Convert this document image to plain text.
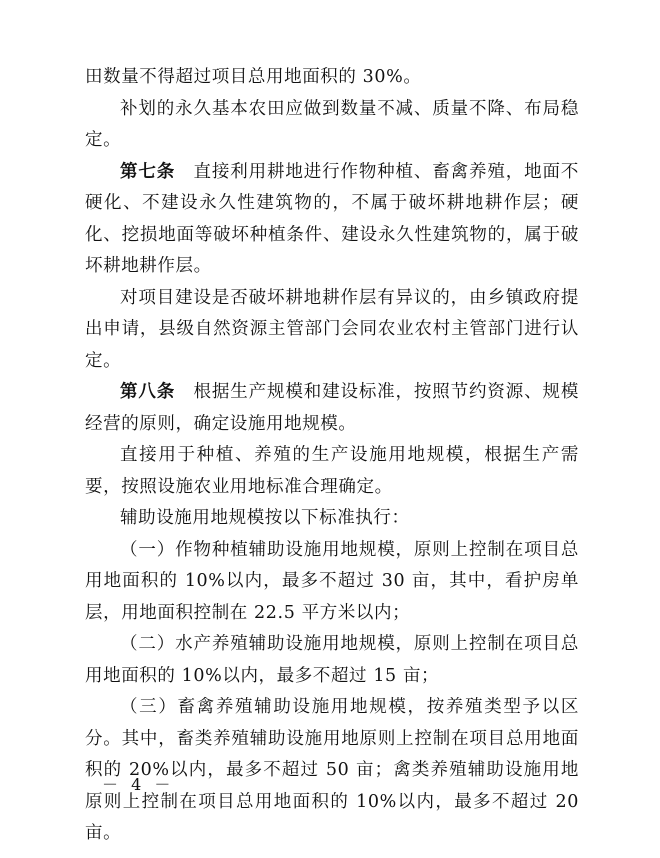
田数量不得超过项目总用地面积的 30%。

补划的永久基本农田应做到数量不减、质量不降、布局稳定。

第七条  直接利用耕地进行作物种植、畜禽养殖，地面不硬化、不建设永久性建筑物的，不属于破坏耕地耕作层；硬化、挖损地面等破坏种植条件、建设永久性建筑物的，属于破坏耕地耕作层。

对项目建设是否破坏耕地耕作层有异议的，由乡镇政府提出申请，县级自然资源主管部门会同农业农村主管部门进行认定。

第八条  根据生产规模和建设标准，按照节约资源、规模经营的原则，确定设施用地规模。

直接用于种植、养殖的生产设施用地规模，根据生产需要，按照设施农业用地标准合理确定。

辅助设施用地规模按以下标准执行：

（一）作物种植辅助设施用地规模，原则上控制在项目总用地面积的 10%以内，最多不超过 30 亩，其中，看护房单层，用地面积控制在 22.5 平方米以内；

（二）水产养殖辅助设施用地规模，原则上控制在项目总用地面积的 10%以内，最多不超过 15 亩；

（三）畜禽养殖辅助设施用地规模，按养殖类型予以区分。其中，畜类养殖辅助设施用地原则上控制在项目总用地面积的 20%以内，最多不超过 50 亩；禽类养殖辅助设施用地原则上控制在项目总用地面积的 10%以内，最多不超过 20 亩。

－ 4 －
